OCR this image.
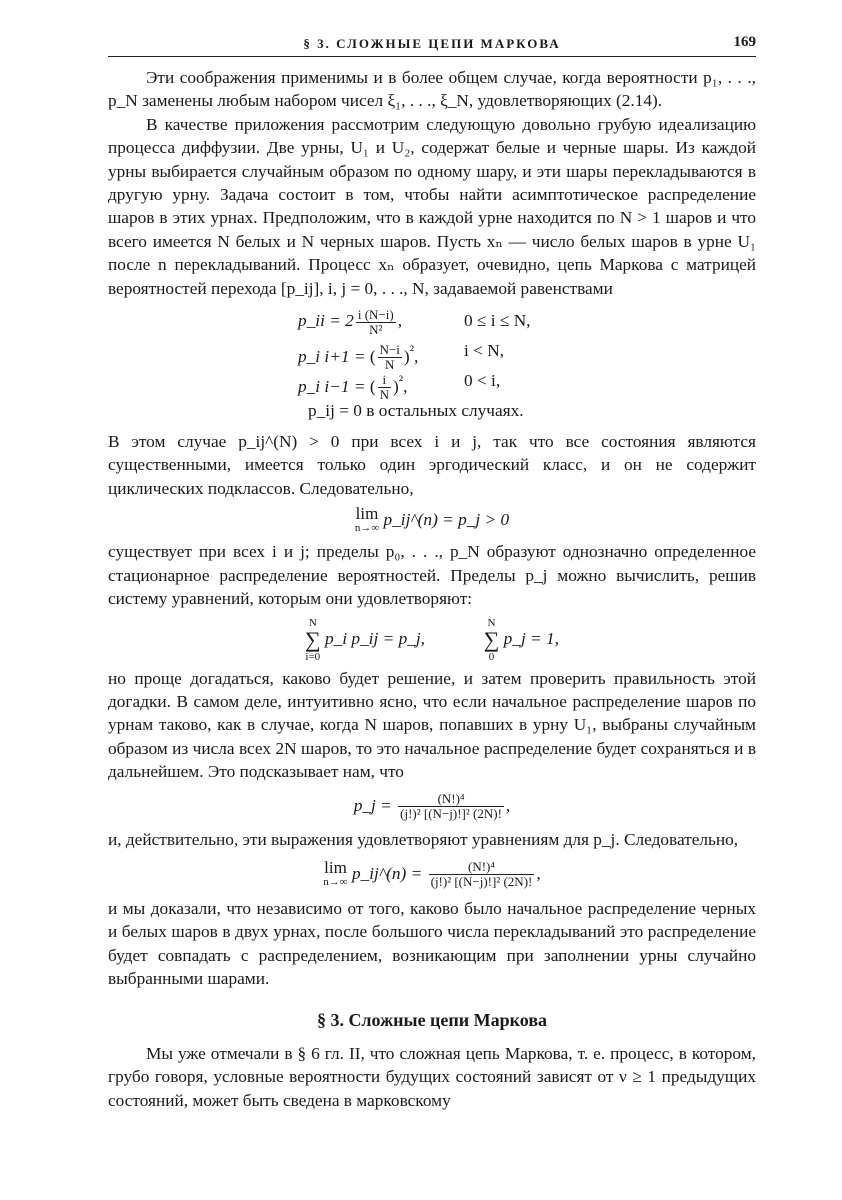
§ 3. СЛОЖНЫЕ ЦЕПИ МАРКОВА	169

Эти соображения применимы и в более общем случае, когда вероятности p₁, . . ., p_N заменены любым набором чисел ξ₁, . . ., ξ_N, удовлетворяющих (2.14).

В качестве приложения рассмотрим следующую довольно грубую идеализацию процесса диффузии. Две урны, U₁ и U₂, содержат белые и черные шары. Из каждой урны выбирается случайным образом по одному шару, и эти шары перекладываются в другую урну. Задача состоит в том, чтобы найти асимптотическое распределение шаров в этих урнах. Предположим, что в каждой урне находится по N > 1 шаров и что всего имеется N белых и N черных шаров. Пусть xₙ — число белых шаров в урне U₁ после n перекладываний. Процесс xₙ образует, очевидно, цепь Маркова с матрицей вероятностей перехода [p_ij], i, j = 0, . . ., N, задаваемой равенствами

p_ii = $2 \frac{i (N-i)}{\text{N²}}$ ,	0 ≤ i ≤ N,
p_i i+1 = ( $\frac{N-i}{N} )^{^2}$,	i < N,
p_i i−1 = ( $\frac{i}{N} )^{^2}$,	0 < i,
p_ij = 0 в остальных случаях.

В этом случае p_ij^(N) > 0 при всех i и j, так что все состояния являются существенными, имеется только один эргодический класс, и он не содержит циклических подклассов. Следовательно,

lim
n→∞ p_ij^(n) = p_j > 0

существует при всех i и j; пределы p₀, . . ., p_N образуют однозначно определенное стационарное распределение вероятностей. Пределы p_j можно вычислить, решив систему уравнений, которым они удовлетворяют:

N
∑
i=0 p_i p_ij = p_j,  N
∑
0 p_j = 1,

но проще догадаться, каково будет решение, и затем проверить правильность этой догадки. В самом деле, интуитивно ясно, что если начальное распределение шаров по урнам таково, как в случае, когда N шаров, попавших в урну U₁, выбраны случайным образом из числа всех 2N шаров, то это начальное распределение будет сохраняться и в дальнейшем. Это подсказывает нам, что

p_j = $\frac{\text{(N!)⁴}}{\text{(j!)² [(N−j)!]² (2N)!}}$ ,

и, действительно, эти выражения удовлетворяют уравнениям для p_j. Следовательно,

lim
n→∞ p_ij^(n) = $\frac{\text{(N!)⁴}}{\text{(j!)² [(N−j)!]² (2N)!}}$ ,

и мы доказали, что независимо от того, каково было начальное распределение черных и белых шаров в двух урнах, после большого числа перекладываний это распределение будет совпадать с распределением, возникающим при заполнении урны случайно выбранными шарами.

§ 3. Сложные цепи Маркова

Мы уже отмечали в § 6 гл. II, что сложная цепь Маркова, т. е. процесс, в котором, грубо говоря, условные вероятности будущих состояний зависят от ν ≥ 1 предыдущих состояний, может быть сведена в марковскому
